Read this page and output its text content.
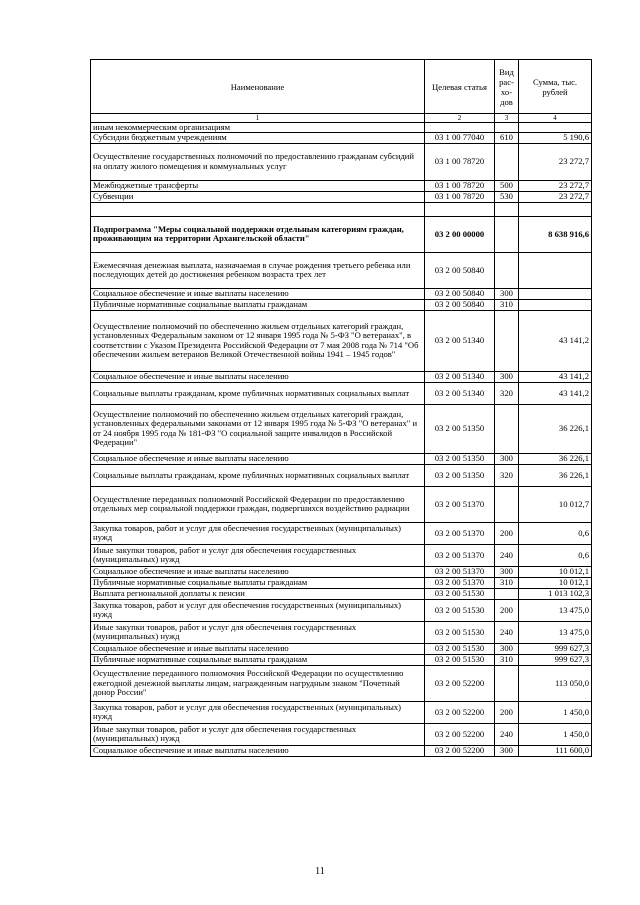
Наименование	Целевая статья	Вид рас- хо- дов	Сумма, тыс. рублей
1	2	3	4
иным некоммерческим организациям			
Субсидии бюджетным учреждениям	03 1 00 77040	610	5 190,6
Осуществление государственных полномочий по предоставлению гражданам субсидий на оплату жилого помещения и коммунальных услуг	03 1 00 78720		23 272,7
Межбюджетные трансферты	03 1 00 78720	500	23 272,7
Субвенции	03 1 00 78720	530	23 272,7

Подпрограмма "Меры социальной поддержки отдельным категориям граждан, проживающим на территории Архангельской области"	03 2 00 00000		8 638 916,6
Ежемесячная денежная выплата, назначаемая в случае рождения третьего ребенка или последующих детей до достижения ребенком возраста трех лет	03 2 00 50840		
Социальное обеспечение и иные выплаты населению	03 2 00 50840	300	
Публичные нормативные социальные выплаты гражданам	03 2 00 50840	310	
Осуществление полномочий по обеспечению жильем отдельных категорий граждан, установленных Федеральным законом от 12 января 1995 года № 5-ФЗ "О ветеранах", в соответствии с Указом Президента Российской Федерации от 7 мая 2008 года № 714 "Об обеспечении жильем ветеранов Великой Отечественной войны 1941 – 1945 годов"	03 2 00 51340		43 141,2
Социальное обеспечение и иные выплаты населению	03 2 00 51340	300	43 141,2
Социальные выплаты гражданам, кроме публичных нормативных социальных выплат	03 2 00 51340	320	43 141,2
Осуществление полномочий по обеспечению жильем отдельных категорий граждан, установленных федеральными законами от 12 января 1995 года № 5-ФЗ "О ветеранах" и от 24 ноября 1995 года № 181-ФЗ "О социальной защите инвалидов в Российской Федерации"	03 2 00 51350		36 226,1
Социальное обеспечение и иные выплаты населению	03 2 00 51350	300	36 226,1
Социальные выплаты гражданам, кроме публичных нормативных социальных выплат	03 2 00 51350	320	36 226,1
Осуществление переданных полномочий Российской Федерации по предоставлению отдельных мер социальной поддержки граждан, подвергшихся воздействию радиации	03 2 00 51370		10 012,7
Закупка товаров, работ и услуг для обеспечения государственных (муниципальных) нужд	03 2 00 51370	200	0,6
Иные закупки товаров, работ и услуг для обеспечения государственных (муниципальных) нужд	03 2 00 51370	240	0,6
Социальное обеспечение и иные выплаты населению	03 2 00 51370	300	10 012,1
Публичные нормативные социальные выплаты гражданам	03 2 00 51370	310	10 012,1
Выплата региональной доплаты к пенсии	03 2 00 51530		1 013 102,3
Закупка товаров, работ и услуг для обеспечения государственных (муниципальных) нужд	03 2 00 51530	200	13 475,0
Иные закупки товаров, работ и услуг для обеспечения государственных (муниципальных) нужд	03 2 00 51530	240	13 475,0
Социальное обеспечение и иные выплаты населению	03 2 00 51530	300	999 627,3
Публичные нормативные социальные выплаты гражданам	03 2 00 51530	310	999 627,3
Осуществление переданного полномочия Российской Федерации по осуществлению ежегодной денежной выплаты лицам, награжденным нагрудным знаком "Почетный донор России"	03 2 00 52200		113 050,0
Закупка товаров, работ и услуг для обеспечения государственных (муниципальных) нужд	03 2 00 52200	200	1 450,0
Иные закупки товаров, работ и услуг для обеспечения государственных (муниципальных) нужд	03 2 00 52200	240	1 450,0
Социальное обеспечение и иные выплаты населению	03 2 00 52200	300	111 600,0
11
